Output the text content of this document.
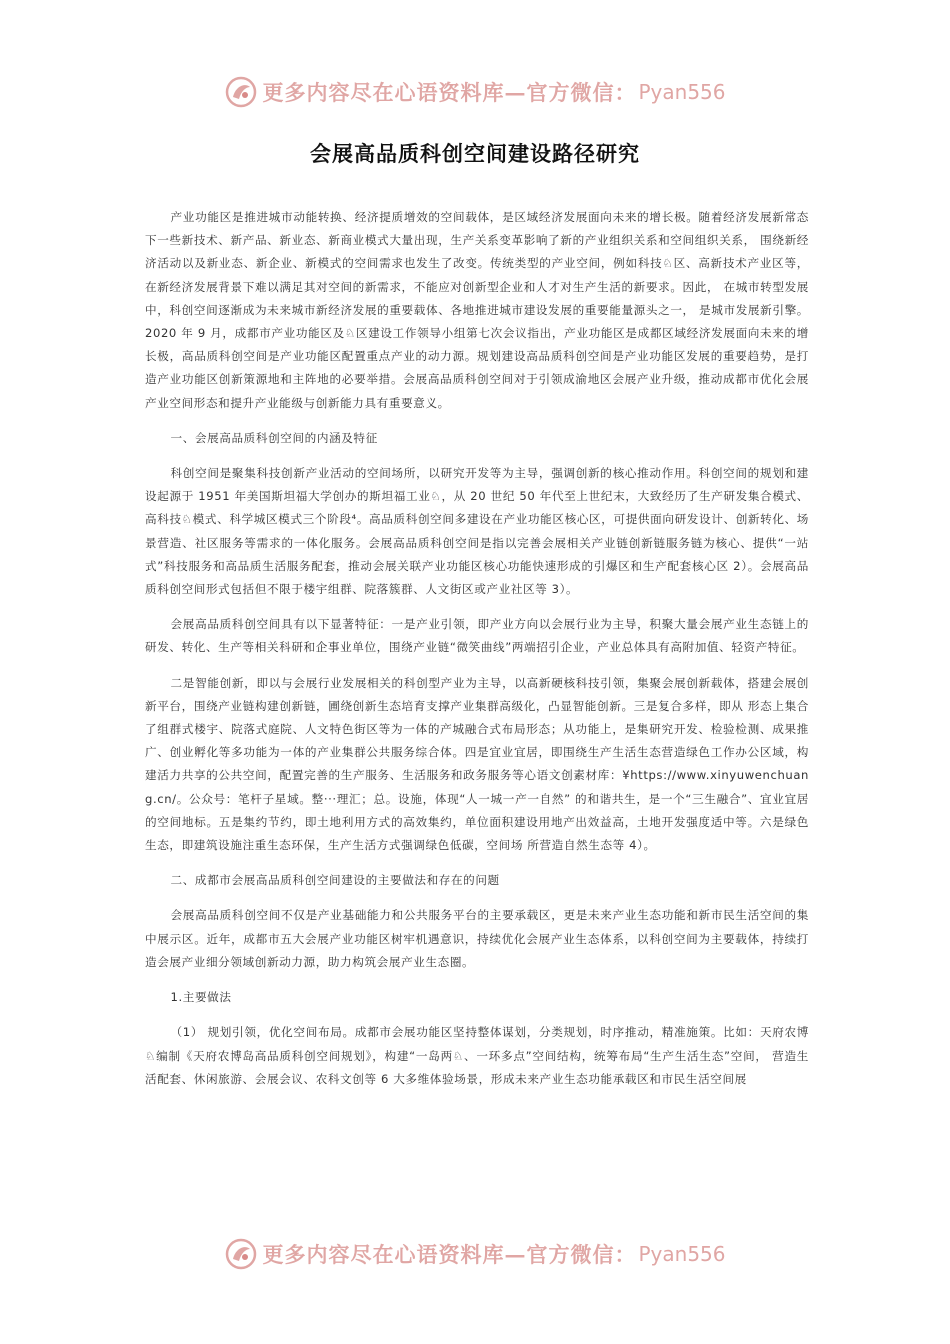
更多内容尽在心语资料库—官方微信： Pyan556
会展高品质科创空间建设路径研究

产业功能区是推进城市动能转换、经济提质增效的空间载体，是区域经济发展面向未来的增长极。随着经济发展新常态下一些新技术、新产品、新业态、新商业模式大量出现，生产关系变革影响了新的产业组织关系和空间组织关系， 围绕新经济活动以及新业态、新企业、新模式的空间需求也发生了改变。传统类型的产业空间，例如科技♘区、高新技术产业区等，在新经济发展背景下难以满足其对空间的新需求，不能应对创新型企业和人才对生产生活的新要求。因此， 在城市转型发展中，科创空间逐渐成为未来城市新经济发展的重要载体、各地推进城市建设发展的重要能量源头之一， 是城市发展新引擎。2020 年 9 月，成都市产业功能区及♘区建设工作领导小组第七次会议指出，产业功能区是成都区域经济发展面向未来的增长极，高品质科创空间是产业功能区配置重点产业的动力源。规划建设高品质科创空间是产业功能区发展的重要趋势，是打造产业功能区创新策源地和主阵地的必要举措。会展高品质科创空间对于引领成渝地区会展产业升级，推动成都市优化会展产业空间形态和提升产业能级与创新能力具有重要意义。

一、会展高品质科创空间的内涵及特征

科创空间是聚集科技创新产业活动的空间场所，以研究开发等为主导，强调创新的核心推动作用。科创空间的规划和建设起源于 1951 年美国斯坦福大学创办的斯坦福工业♘，从 20 世纪 50 年代至上世纪末，大致经历了生产研发集合模式、高科技♘模式、科学城区模式三个阶段⁴。高品质科创空间多建设在产业功能区核心区，可提供面向研发设计、创新转化、场景营造、社区服务等需求的一体化服务。会展高品质科创空间是指以完善会展相关产业链创新链服务链为核心、提供“一站式”科技服务和高品质生活服务配套，推动会展关联产业功能区核心功能快速形成的引爆区和生产配套核心区 2）。会展高品质科创空间形式包括但不限于楼宇组群、院落簇群、人文街区或产业社区等 3）。

会展高品质科创空间具有以下显著特征：一是产业引领，即产业方向以会展行业为主导，积聚大量会展产业生态链上的研发、转化、生产等相关科研和企事业单位，围绕产业链“微笑曲线”两端招引企业，产业总体具有高附加值、轻资产特征。

二是智能创新，即以与会展行业发展相关的科创型产业为主导，以高新硬核科技引领，集聚会展创新载体，搭建会展创新平台，围绕产业链构建创新链，圃绕创新生态培育支撑产业集群高级化，凸显智能创新。三是复合多样，即从 形态上集合了组群式楼宇、院落式庭院、人文特色街区等为一体的产城融合式布局形态；从功能上，是集研究开发、检验检测、成果推广、创业孵化等多功能为一体的产业集群公共服务综合体。四是宜业宜居，即围绕生产生活生态营造绿色工作办公区域，构建活力共享的公共空间，配置完善的生产服务、生活服务和政务服务等心语文创素材库：¥https://www.xinyuwenchuang.cn/。公众号：笔杆子星域。整···理汇；总。设施，体现“人一城一产一自然” 的和谐共生，是一个“三生融合”、宜业宜居的空间地标。五是集约节约，即土地利用方式的高效集约，单位面积建设用地产出效益高，土地开发强度适中等。六是绿色生态，即建筑设施注重生态环保，生产生活方式强调绿色低碳，空间场 所营造自然生态等 4）。

二、成都市会展高品质科创空间建设的主要做法和存在的问题

会展高品质科创空间不仅是产业基础能力和公共服务平台的主要承载区，更是未来产业生态功能和新市民生活空间的集中展示区。近年，成都市五大会展产业功能区树牢机遇意识，持续优化会展产业生态体系，以科创空间为主要载体，持续打造会展产业细分领域创新动力源，助力构筑会展产业生态圈。

1.主要做法

（1） 规划引领，优化空间布局。成都市会展功能区坚持整体谋划，分类规划，时序推动，精准施策。比如：天府农博♘编制《天府农博岛高品质科创空间规划》，构建“一岛两♘、一环多点”空间结构，统筹布局“生产生活生态”空间， 营造生活配套、休闲旅游、会展会议、农科文创等 6 大多维体验场景，形成未来产业生态功能承载区和市民生活空间展

更多内容尽在心语资料库—官方微信： Pyan556
